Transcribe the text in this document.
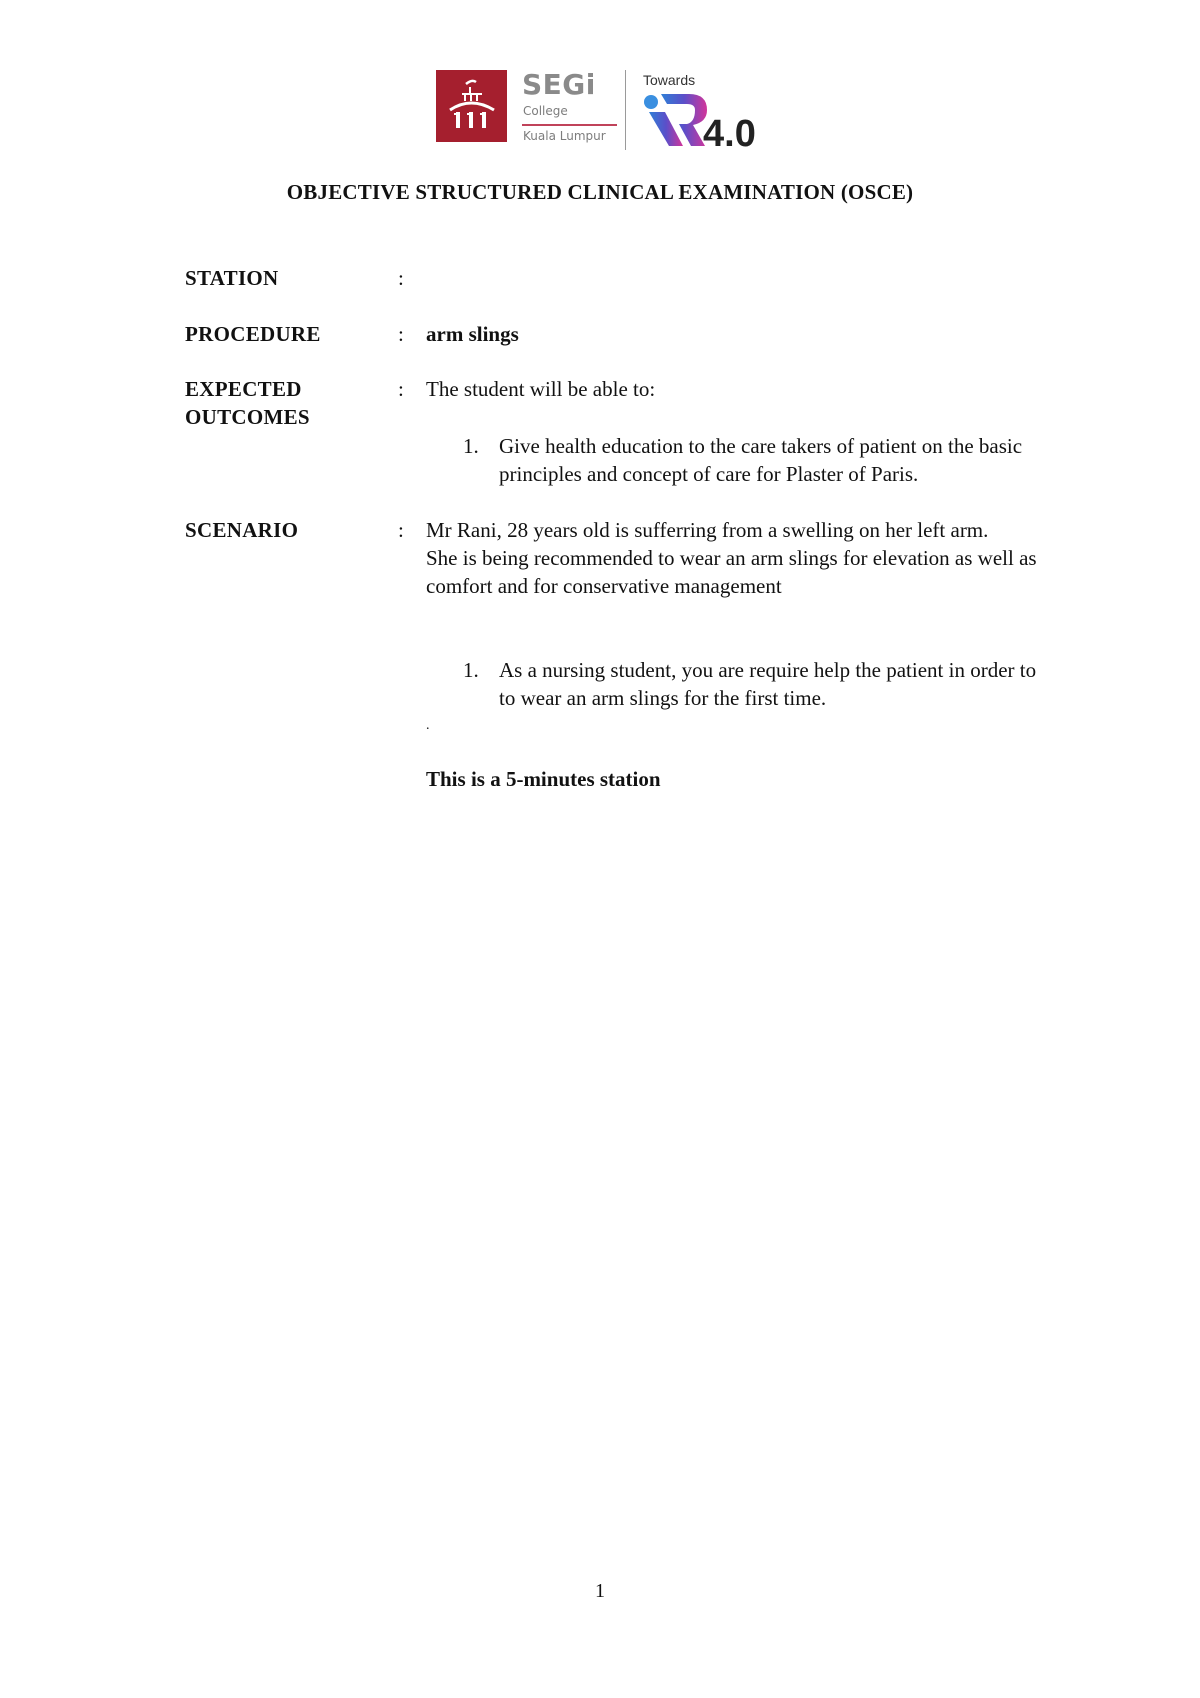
SEGi
College
Kuala Lumpur
Towards
4.0
OBJECTIVE STRUCTURED CLINICAL EXAMINATION (OSCE)
STATION	:
PROCEDURE	: arm slings
EXPECTED
OUTCOMES
: The student will be able to:
1. Give health education to the care takers of patient on the basic principles and concept of care for Plaster of Paris.
SCENARIO	: Mr Rani, 28 years old is sufferring from a swelling on her left arm.
She is being recommended to wear an arm slings for elevation as well as comfort and for conservative management
1. As a nursing student, you are require help the patient in order to to wear an arm slings for the first time.
.
This is a 5-minutes station
1
